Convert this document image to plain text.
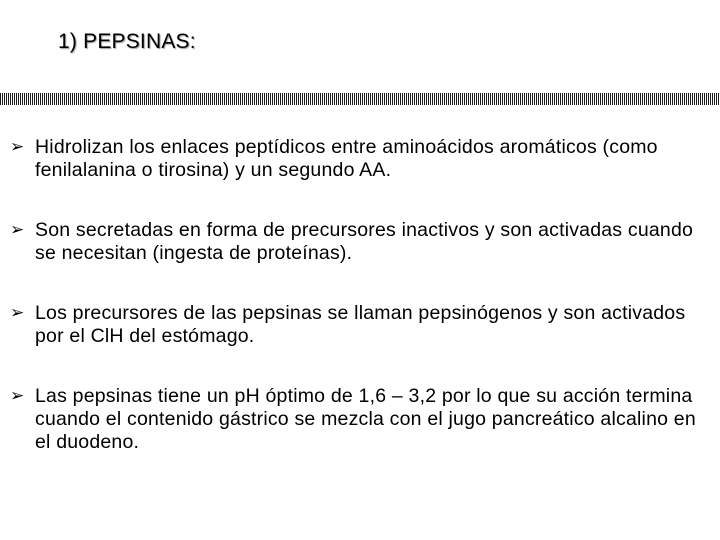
1) PEPSINAS:
➢ Hidrolizan los enlaces peptídicos entre aminoácidos aromáticos (como fenilalanina o tirosina) y un segundo AA.
➢ Son secretadas en forma de precursores inactivos y son activadas cuando se necesitan (ingesta de proteínas).
➢ Los precursores de las pepsinas se llaman pepsinógenos y son activados por el ClH del estómago.
➢ Las pepsinas tiene un pH óptimo de 1,6 – 3,2 por lo que su acción termina cuando el contenido gástrico se mezcla con el jugo pancreático alcalino en el duodeno.
